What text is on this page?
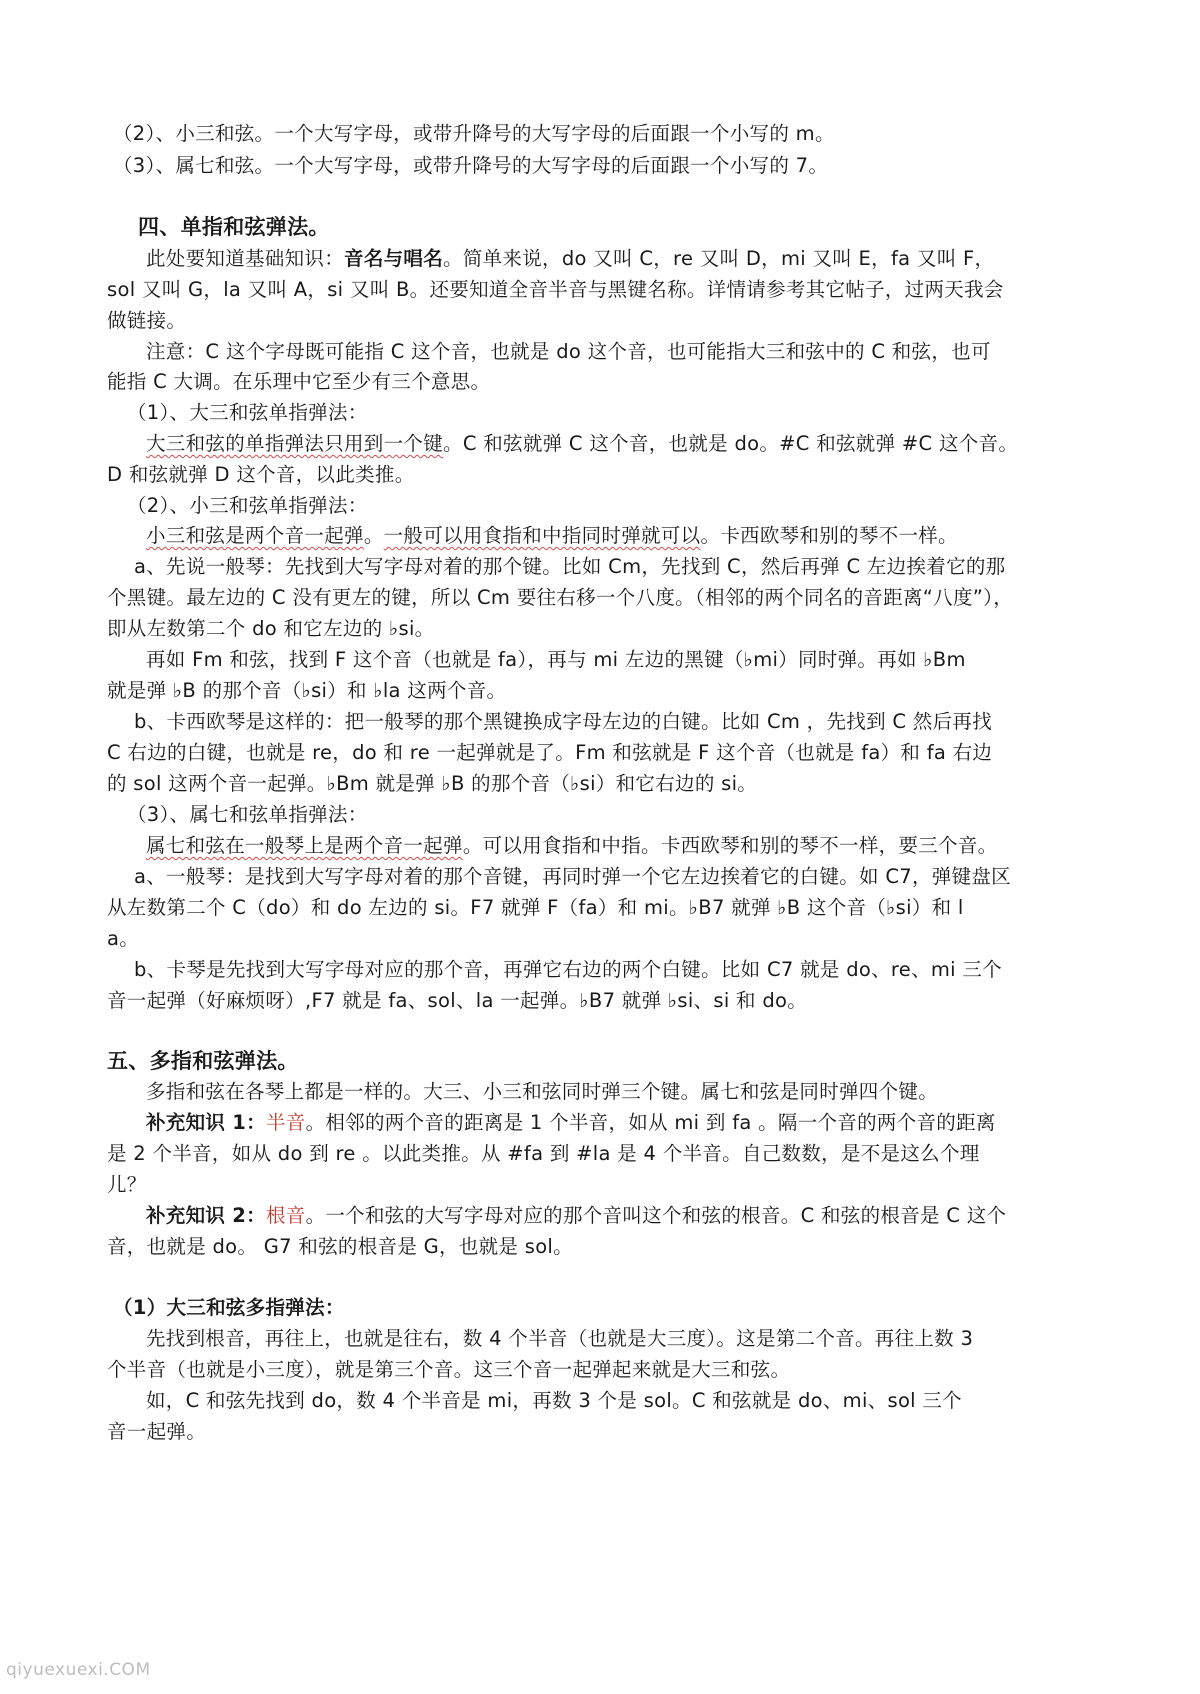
（2）、小三和弦。一个大写字母，或带升降号的大写字母的后面跟一个小写的 m。
（3）、属七和弦。一个大写字母，或带升降号的大写字母的后面跟一个小写的 7。
四、单指和弦弹法。
此处要知道基础知识：音名与唱名。简单来说，do 又叫 C，re 又叫 D，mi 又叫 E，fa 又叫 F，
sol 又叫 G，la 又叫 A，si 又叫 B。还要知道全音半音与黑键名称。详情请参考其它帖子，过两天我会
做链接。
注意：C 这个字母既可能指 C 这个音，也就是 do 这个音，也可能指大三和弦中的 C 和弦，也可
能指 C 大调。在乐理中它至少有三个意思。
（1）、大三和弦单指弹法：
大三和弦的单指弹法只用到一个键。C 和弦就弹 C 这个音，也就是 do。#C 和弦就弹 #C 这个音。
D 和弦就弹 D 这个音，以此类推。
（2）、小三和弦单指弹法：
小三和弦是两个音一起弹。一般可以用食指和中指同时弹就可以。卡西欧琴和别的琴不一样。
a、先说一般琴：先找到大写字母对着的那个键。比如 Cm，先找到 C，然后再弹 C 左边挨着它的那
个黑键。最左边的 C 没有更左的键，所以 Cm 要往右移一个八度。（相邻的两个同名的音距离“八度”），
即从左数第二个 do 和它左边的 ♭si。
再如 Fm 和弦，找到 F 这个音（也就是 fa），再与 mi 左边的黑键（♭mi）同时弹。再如 ♭Bm
就是弹 ♭B 的那个音（♭si）和 ♭la 这两个音。
b、卡西欧琴是这样的：把一般琴的那个黑键换成字母左边的白键。比如 Cm ，先找到 C 然后再找
C 右边的白键，也就是 re，do 和 re 一起弹就是了。Fm 和弦就是 F 这个音（也就是 fa）和 fa 右边
的 sol 这两个音一起弹。♭Bm 就是弹 ♭B 的那个音（♭si）和它右边的 si。
（3）、属七和弦单指弹法：
属七和弦在一般琴上是两个音一起弹。可以用食指和中指。卡西欧琴和别的琴不一样，要三个音。
a、一般琴：是找到大写字母对着的那个音键，再同时弹一个它左边挨着它的白键。如 C7，弹键盘区
从左数第二个 C（do）和 do 左边的 si。F7 就弹 F（fa）和 mi。♭B7 就弹 ♭B 这个音（♭si）和 l
a。
b、卡琴是先找到大写字母对应的那个音，再弹它右边的两个白键。比如 C7 就是 do、re、mi 三个
音一起弹（好麻烦呀）,F7 就是 fa、sol、la 一起弹。♭B7 就弹 ♭si、si 和 do。
五、多指和弦弹法。
多指和弦在各琴上都是一样的。大三、小三和弦同时弹三个键。属七和弦是同时弹四个键。
补充知识 1：半音。相邻的两个音的距离是 1 个半音，如从 mi 到 fa 。隔一个音的两个音的距离
是 2 个半音，如从 do 到 re 。以此类推。从 #fa 到 #la 是 4 个半音。自己数数，是不是这么个理
儿？
补充知识 2：根音。一个和弦的大写字母对应的那个音叫这个和弦的根音。C 和弦的根音是 C 这个
音，也就是 do。 G7 和弦的根音是 G，也就是 sol。
（1）大三和弦多指弹法：
先找到根音，再往上，也就是往右，数 4 个半音（也就是大三度）。这是第二个音。再往上数 3
个半音（也就是小三度），就是第三个音。这三个音一起弹起来就是大三和弦。
如，C 和弦先找到 do，数 4 个半音是 mi，再数 3 个是 sol。C 和弦就是 do、mi、sol 三个
音一起弹。
qiyuexuexi.COM
